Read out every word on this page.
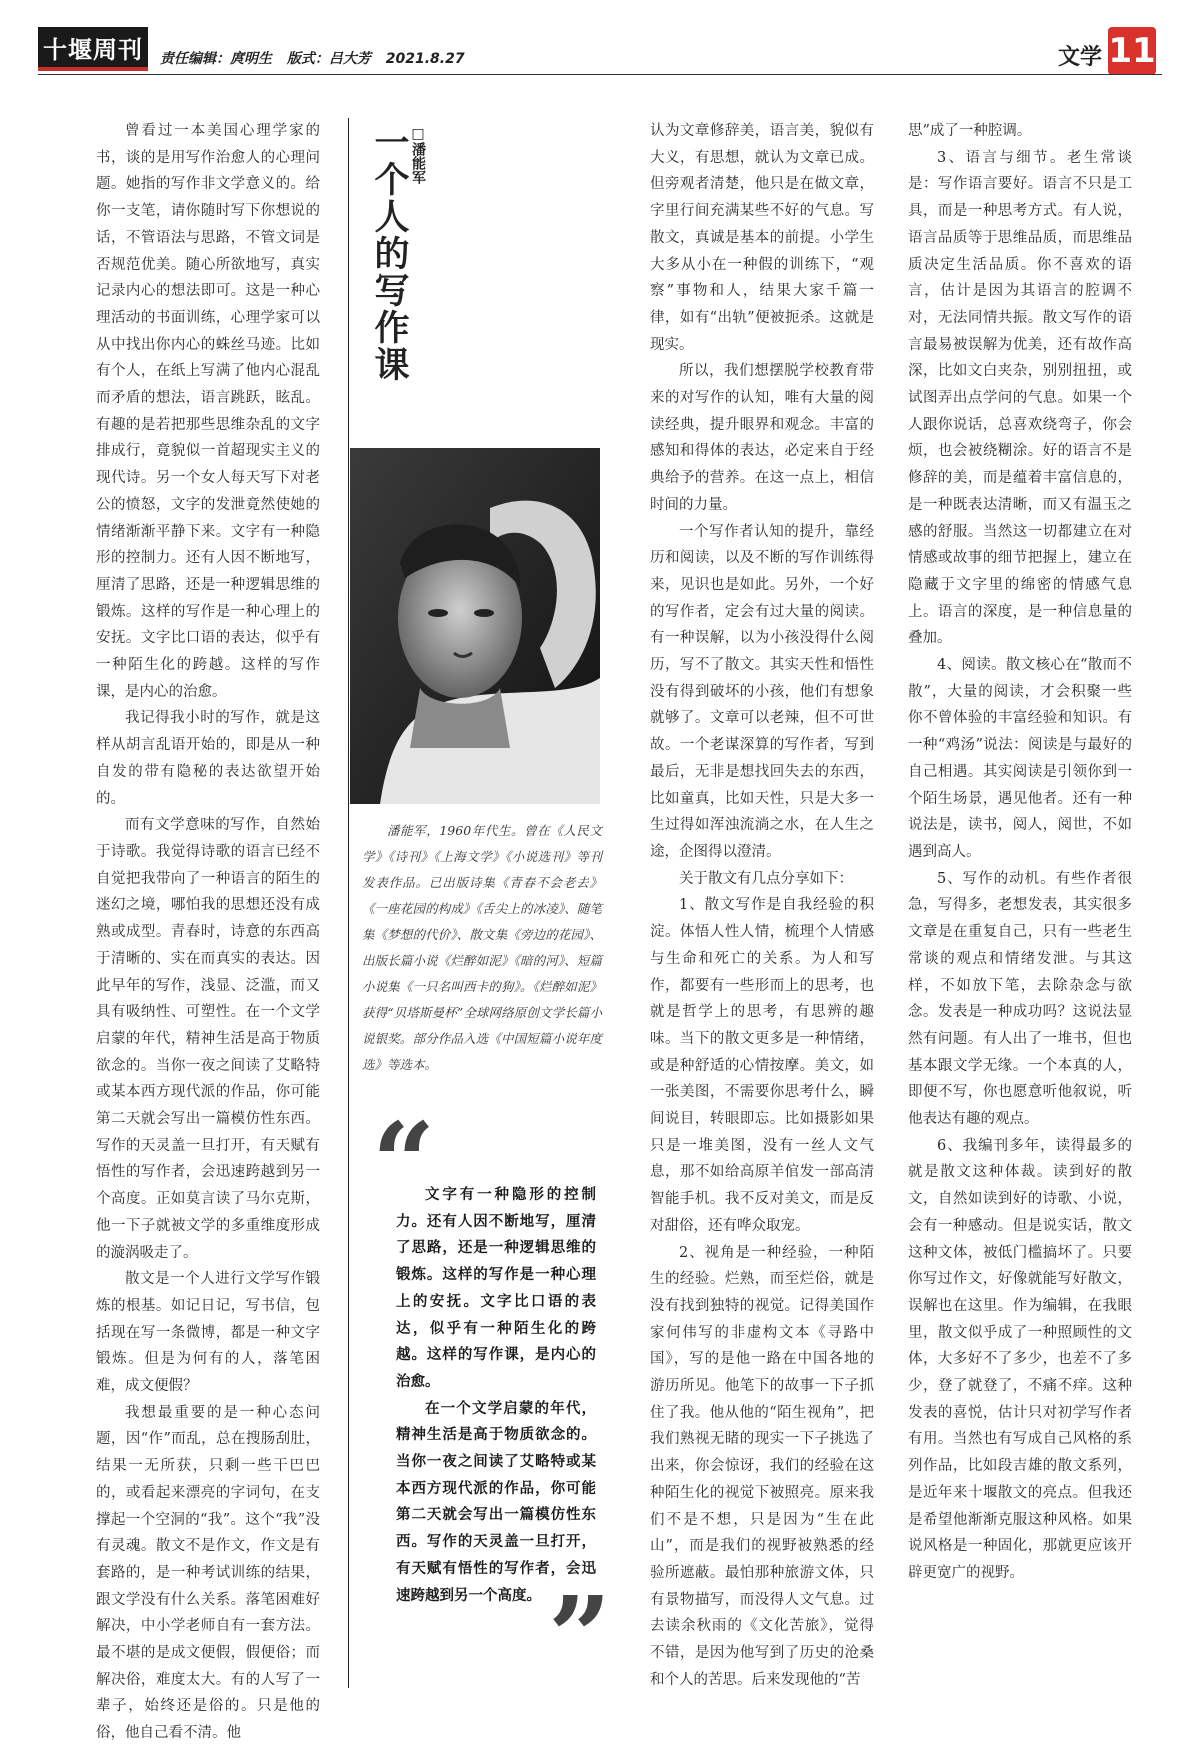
十堰周刊	责任编辑：庹明生 版式：吕大芳 2021.8.27	文学 11

曾看过一本美国心理学家的书，谈的是用写作治愈人的心理问题。她指的写作非文学意义的。给你一支笔，请你随时写下你想说的话，不管语法与思路，不管文词是否规范优美。随心所欲地写，真实记录内心的想法即可。这是一种心理活动的书面训练，心理学家可以从中找出你内心的蛛丝马迹。比如有个人，在纸上写满了他内心混乱而矛盾的想法，语言跳跃，眩乱。有趣的是若把那些思维杂乱的文字排成行，竟貌似一首超现实主义的现代诗。另一个女人每天写下对老公的愤怒，文字的发泄竟然使她的情绪渐渐平静下来。文字有一种隐形的控制力。还有人因不断地写，厘清了思路，还是一种逻辑思维的锻炼。这样的写作是一种心理上的安抚。文字比口语的表达，似乎有一种陌生化的跨越。这样的写作课，是内心的治愈。

我记得我小时的写作，就是这样从胡言乱语开始的，即是从一种自发的带有隐秘的表达欲望开始的。

而有文学意味的写作，自然始于诗歌。我觉得诗歌的语言已经不自觉把我带向了一种语言的陌生的迷幻之境，哪怕我的思想还没有成熟或成型。青春时，诗意的东西高于清晰的、实在而真实的表达。因此早年的写作，浅显、泛滥，而又具有吸纳性、可塑性。在一个文学启蒙的年代，精神生活是高于物质欲念的。当你一夜之间读了艾略特或某本西方现代派的作品，你可能第二天就会写出一篇模仿性东西。写作的天灵盖一旦打开，有天赋有悟性的写作者，会迅速跨越到另一个高度。正如莫言读了马尔克斯，他一下子就被文学的多重维度形成的漩涡吸走了。

散文是一个人进行文学写作锻炼的根基。如记日记，写书信，包括现在写一条微博，都是一种文字锻炼。但是为何有的人，落笔困难，成文便假？

我想最重要的是一种心态问题，因“作”而乱，总在搜肠刮肚，结果一无所获，只剩一些干巴巴的，或看起来漂亮的字词句，在支撑起一个空洞的“我”。这个“我”没有灵魂。散文不是作文，作文是有套路的，是一种考试训练的结果，跟文学没有什么关系。落笔困难好解决，中小学老师自有一套方法。最不堪的是成文便假，假便俗；而解决俗，难度太大。有的人写了一辈子，始终还是俗的。只是他的俗，他自己看不清。他

一个人的写作课 □潘能军
潘能军，1960年代生。曾在《人民文学》《诗刊》《上海文学》《小说选刊》等刊发表作品。已出版诗集《青春不会老去》《一座花园的构成》《舌尖上的冰凌》、随笔集《梦想的代价》、散文集《旁边的花园》、出版长篇小说《烂醉如泥》《暗的河》、短篇小说集《一只名叫西卡的狗》。《烂醉如泥》获得“贝塔斯曼杯”全球网络原创文学长篇小说银奖。部分作品入选《中国短篇小说年度选》等选本。
“

文字有一种隐形的控制力。还有人因不断地写，厘清了思路，还是一种逻辑思维的锻炼。这样的写作是一种心理上的安抚。文字比口语的表达，似乎有一种陌生化的跨越。这样的写作课，是内心的治愈。

在一个文学启蒙的年代，精神生活是高于物质欲念的。当你一夜之间读了艾略特或某本西方现代派的作品，你可能第二天就会写出一篇模仿性东西。写作的天灵盖一旦打开，有天赋有悟性的写作者，会迅速跨越到另一个高度。 ”

认为文章修辞美，语言美，貌似有大义，有思想，就认为文章已成。但旁观者清楚，他只是在做文章，字里行间充满某些不好的气息。写散文，真诚是基本的前提。小学生大多从小在一种假的训练下，“观察”事物和人，结果大家千篇一律，如有“出轨”便被扼杀。这就是现实。

所以，我们想摆脱学校教育带来的对写作的认知，唯有大量的阅读经典，提升眼界和观念。丰富的感知和得体的表达，必定来自于经典给予的营养。在这一点上，相信时间的力量。

一个写作者认知的提升，靠经历和阅读，以及不断的写作训练得来，见识也是如此。另外，一个好的写作者，定会有过大量的阅读。有一种误解，以为小孩没得什么阅历，写不了散文。其实天性和悟性没有得到破坏的小孩，他们有想象就够了。文章可以老辣，但不可世故。一个老谋深算的写作者，写到最后，无非是想找回失去的东西，比如童真，比如天性，只是大多一生过得如浑浊流淌之水，在人生之途，企图得以澄清。

关于散文有几点分享如下：

1、散文写作是自我经验的积淀。体悟人性人情，梳理个人情感与生命和死亡的关系。为人和写作，都要有一些形而上的思考，也就是哲学上的思考，有思辨的趣味。当下的散文更多是一种情绪，或是种舒适的心情按摩。美文，如一张美图，不需要你思考什么，瞬间说目，转眼即忘。比如摄影如果只是一堆美图，没有一丝人文气息，那不如给高原羊倌发一部高清智能手机。我不反对美文，而是反对甜俗，还有哗众取宠。

2、视角是一种经验，一种陌生的经验。烂熟，而至烂俗，就是没有找到独特的视觉。记得美国作家何伟写的非虚构文本《寻路中国》，写的是他一路在中国各地的游历所见。他笔下的故事一下子抓住了我。他从他的“陌生视角”，把我们熟视无睹的现实一下子挑选了出来，你会惊讶，我们的经验在这种陌生化的视觉下被照亮。原来我们不是不想，只是因为“生在此山”，而是我们的视野被熟悉的经验所遮蔽。最怕那种旅游文体，只有景物描写，而没得人文气息。过去读余秋雨的《文化苦旅》，觉得不错，是因为他写到了历史的沧桑和个人的苦思。后来发现他的“苦

思”成了一种腔调。

3、语言与细节。老生常谈是：写作语言要好。语言不只是工具，而是一种思考方式。有人说，语言品质等于思维品质，而思维品质决定生活品质。你不喜欢的语言，估计是因为其语言的腔调不对，无法同情共振。散文写作的语言最易被误解为优美，还有故作高深，比如文白夹杂，别别扭扭，或试图弄出点学问的气息。如果一个人跟你说话，总喜欢绕弯子，你会烦，也会被绕糊涂。好的语言不是修辞的美，而是蕴着丰富信息的，是一种既表达清晰，而又有温玉之感的舒服。当然这一切都建立在对情感或故事的细节把握上，建立在隐藏于文字里的绵密的情感气息上。语言的深度，是一种信息量的叠加。

4、阅读。散文核心在“散而不散”，大量的阅读，才会积聚一些你不曾体验的丰富经验和知识。有一种“鸡汤”说法：阅读是与最好的自己相遇。其实阅读是引领你到一个陌生场景，遇见他者。还有一种说法是，读书，阅人，阅世，不如遇到高人。

5、写作的动机。有些作者很急，写得多，老想发表，其实很多文章是在重复自己，只有一些老生常谈的观点和情绪发泄。与其这样，不如放下笔，去除杂念与欲念。发表是一种成功吗？这说法显然有问题。有人出了一堆书，但也基本跟文学无缘。一个本真的人，即便不写，你也愿意听他叙说，听他表达有趣的观点。

6、我编刊多年，读得最多的就是散文这种体裁。读到好的散文，自然如读到好的诗歌、小说，会有一种感动。但是说实话，散文这种文体，被低门槛搞坏了。只要你写过作文，好像就能写好散文，误解也在这里。作为编辑，在我眼里，散文似乎成了一种照顾性的文体，大多好不了多少，也差不了多少，登了就登了，不痛不痒。这种发表的喜悦，估计只对初学写作者有用。当然也有写成自己风格的系列作品，比如段吉雄的散文系列，是近年来十堰散文的亮点。但我还是希望他渐渐克服这种风格。如果说风格是一种固化，那就更应该开辟更宽广的视野。
